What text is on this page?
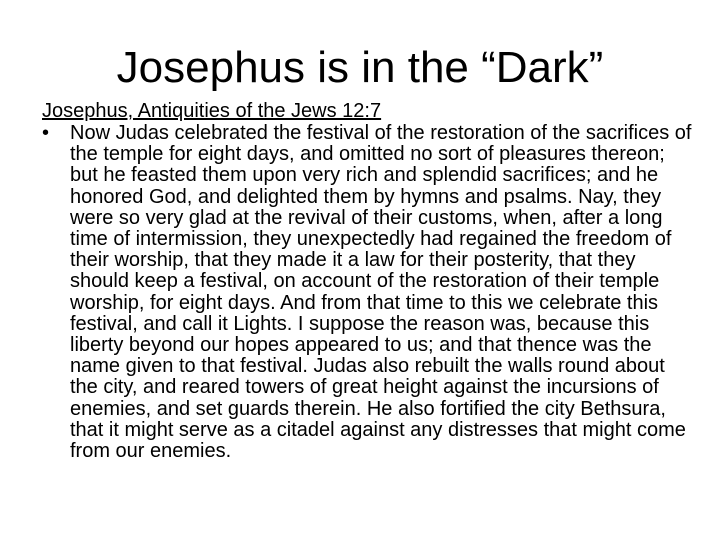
Josephus is in the “Dark”

Josephus, Antiquities of the Jews 12:7

• Now Judas celebrated the festival of the restoration of the sacrifices of the temple for eight days, and omitted no sort of pleasures thereon; but he feasted them upon very rich and splendid sacrifices; and he honored God, and delighted them by hymns and psalms. Nay, they were so very glad at the revival of their customs, when, after a long time of intermission, they unexpectedly had regained the freedom of their worship, that they made it a law for their posterity, that they should keep a festival, on account of the restoration of their temple worship, for eight days. And from that time to this we celebrate this festival, and call it Lights. I suppose the reason was, because this liberty beyond our hopes appeared to us; and that thence was the name given to that festival. Judas also rebuilt the walls round about the city, and reared towers of great height against the incursions of enemies, and set guards therein. He also fortified the city Bethsura, that it might serve as a citadel against any distresses that might come from our enemies.
